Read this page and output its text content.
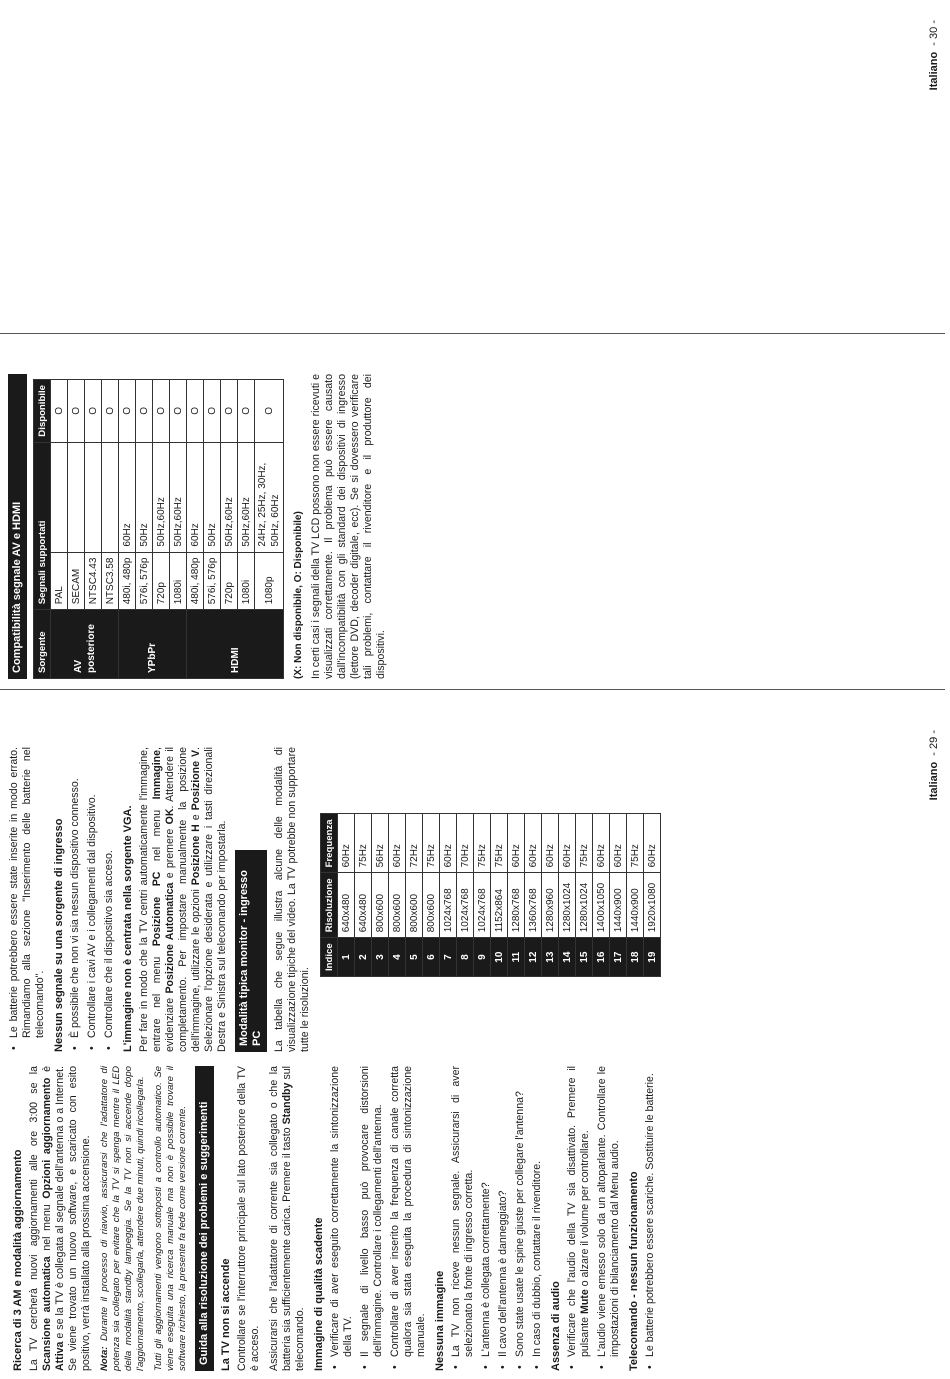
Ricerca di 3 AM e modalità aggiornamento La TV cercherà nuovi aggiornamenti alle ore 3:00 se la Scansione automatica nel menu Opzioni aggiornamento è Attiva e se la TV è collegata al segnale dell'antenna o a Internet. Se viene trovato un nuovo software, e scaricato con esito positivo, verrà installato alla prossima accensione. Nota: Durante il processo di riavvio, assicurarsi che l'adattatore di potenza sia collegato per evitare che la TV si spenga mentre il LED della modalità standby lampeggia. Se la TV non si accende dopo l'aggiornamento, scollegarla, attendere due minuti, quindi ricollegarla. Tutti gli aggiornamenti vengono sottoposti a controllo automatico. Se viene eseguita una ricerca manuale ma non è possibile trovare il software richiesto, la presente fa fede come versione corrente. Guida alla risoluzione dei problemi e suggerimenti La TV non si accende Controllare se l'interruttore principale sul lato posteriore della TV è acceso. Assicurarsi che l'adattatore di corrente sia collegato o che la batteria sia sufficientemente carica. Premere il tasto Standby sul telecomando. Immagine di qualità scadente •
Verificare di aver eseguito correttamente la sintonizzazione della TV.
•
Il segnale di livello basso può provocare distorsioni dell'immagine. Controllare i collegamenti dell'antenna.
•
Controllare di aver inserito la frequenza di canale corretta qualora sia stata eseguita la procedura di sintonizzazione manuale. Nessuna immagine •
La TV non riceve nessun segnale. Assicurarsi di aver selezionato la fonte di ingresso corretta.
•
L'antenna è collegata correttamente?
•
Il cavo dell'antenna è danneggiato?
•
Sono state usate le spine giuste per collegare l'antenna?
•
In caso di dubbio, contattare il rivenditore. Assenza di audio •
Verificare che l'audio della TV sia disattivato. Premere il pulsante Mute o alzare il volume per controllare.
•
L'audio viene emesso solo da un altoparlante. Controllare le impostazioni di bilanciamento dal Menu audio. Telecomando - nessun funzionamento •
Le batterie potrebbero essere scariche. Sostituire le batterie.
•
Le batterie potrebbero essere state inserite in modo errato. Rimandiamo alla sezione "Inserimento delle batterie nel telecomando". Nessun segnale su una sorgente di ingresso •
È possibile che non vi sia nessun dispositivo connesso.
•
Controllare i cavi AV e i collegamenti dal dispositivo.
•
Controllare che il dispositivo sia acceso. L'immagine non è centrata nella sorgente VGA. Per fare in modo che la TV centri automaticamente l'immagine, entrare nel menu Posizione PC nel menu Immagine, evidenziare Posizione Automatica e premere OK. Attendere il completamento. Per impostare manualmente la posizione dell'immagine, utilizzare le opzioni Posizione H e Posizione V. Selezionare l'opzione desiderata e utilizzare i tasti direzionali Destra e Sinistra sul telecomando per impostarla. Modalità tipica monitor - ingresso PC La tabella che segue illustra alcune delle modalità di visualizzazione tipiche del video. La TV potrebbe non supportare tutte le risoluzioni.

Indice	Risoluzione	Frequenza
1	640x480	60Hz
2	640x480	75Hz
3	800x600	56Hz
4	800x600	60Hz
5	800x600	72Hz
6	800x600	75Hz
7	1024x768	60Hz
8	1024x768	70Hz
9	1024x768	75Hz
10	1152x864	75Hz
11	1280x768	60Hz
12	1360x768	60Hz
13	1280x960	60Hz
14	1280x1024	60Hz
15	1280x1024	75Hz
16	1400x1050	60Hz
17	1440x900	60Hz
18	1440x900	75Hz
19	1920x1080	60Hz
Italiano  - 29 -
Compatibilità segnale AV e HDMI	Sorgente	Segnali supportati		Disponibile
AV posteriore	PAL		O
	SECAM		O
	NTSC4.43		O
	NTSC3.58		O
YPbPr	480i, 480p	60Hz	O
	576i, 576p	50Hz	O
	720p	50Hz,60Hz	O
	1080i	50Hz,60Hz	O
HDMI	480i, 480p	60Hz	O
	576i, 576p	50Hz	O
	720p	50Hz,60Hz	O
	1080i	50Hz,60Hz	O
	1080p	24Hz, 25Hz, 30Hz, 50Hz, 60Hz	O
(X: Non disponibile, O: Disponibile) In certi casi i segnali della TV LCD possono non essere ricevuti e visualizzati correttamente. Il problema può essere causato dall'incompatibilità con gli standard dei dispositivi di ingresso (lettore DVD, decoder digitale, ecc). Se si dovessero verificare tali problemi, contattare il rivenditore e il produttore dei dispositivi.

Italiano  - 30 -
